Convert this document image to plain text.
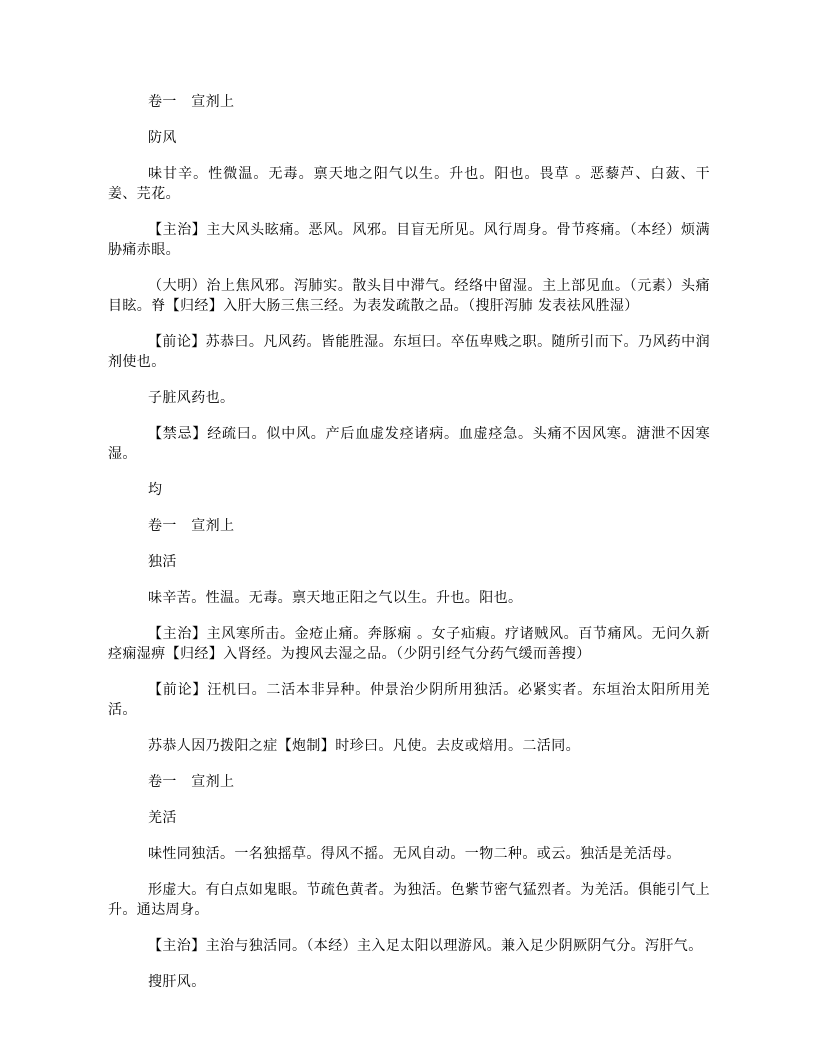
卷一　宣剂上

防风

味甘辛。性微温。无毒。禀天地之阳气以生。升也。阳也。畏草 。恶藜芦、白蔹、干姜、芫花。

【主治】主大风头眩痛。恶风。风邪。目盲无所见。风行周身。骨节疼痛。（本经）烦满胁痛赤眼。

（大明）治上焦风邪。泻肺实。散头目中滞气。经络中留湿。主上部见血。（元素）头痛目眩。脊【归经】入肝大肠三焦三经。为表发疏散之品。（搜肝泻肺 发表祛风胜湿）

【前论】苏恭曰。凡风药。皆能胜湿。东垣曰。卒伍卑贱之职。随所引而下。乃风药中润剂使也。

子脏风药也。

【禁忌】经疏曰。似中风。产后血虚发痉诸病。血虚痉急。头痛不因风寒。溏泄不因寒湿。

均

卷一　宣剂上

独活

味辛苦。性温。无毒。禀天地正阳之气以生。升也。阳也。

【主治】主风寒所击。金疮止痛。奔豚痫 。女子疝瘕。疗诸贼风。百节痛风。无问久新痉痫湿痹【归经】入肾经。为搜风去湿之品。（少阴引经气分药气缓而善搜）

【前论】汪机曰。二活本非异种。仲景治少阴所用独活。必紧实者。东垣治太阳所用羌活。

苏恭人因乃拨阳之症【炮制】时珍曰。凡使。去皮或焙用。二活同。

卷一　宣剂上

羌活

味性同独活。一名独摇草。得风不摇。无风自动。一物二种。或云。独活是羌活母。

形虚大。有白点如鬼眼。节疏色黄者。为独活。色紫节密气猛烈者。为羌活。俱能引气上升。通达周身。

【主治】主治与独活同。（本经）主入足太阳以理游风。兼入足少阴厥阴气分。泻肝气。

搜肝风。
